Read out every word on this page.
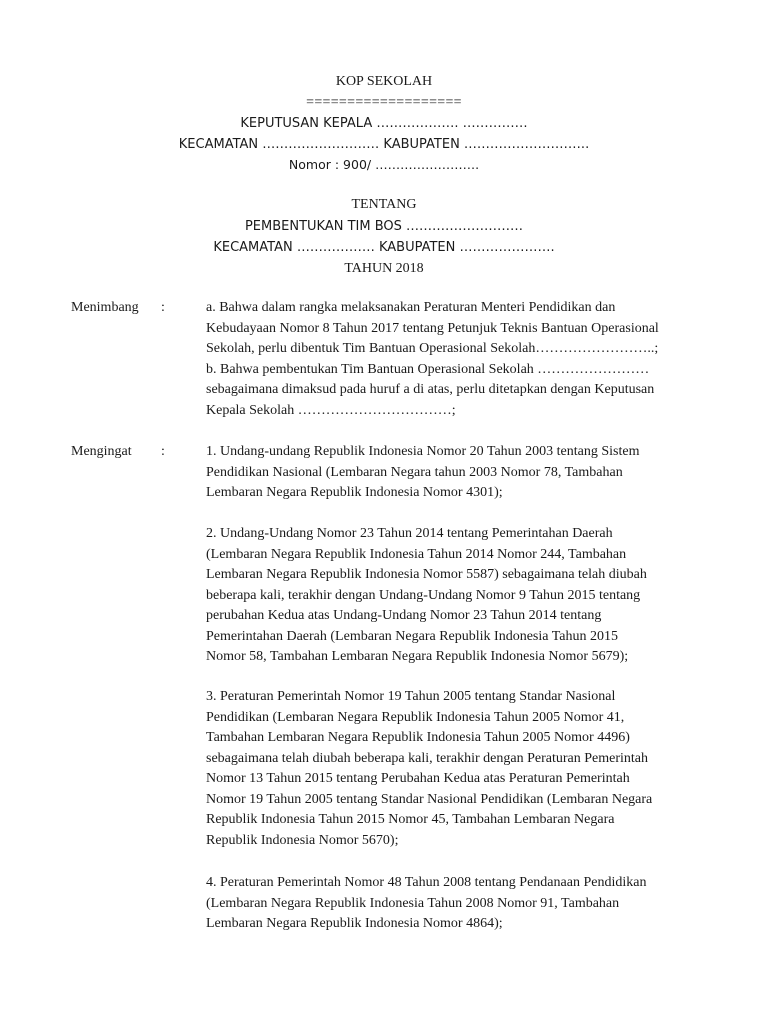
KOP SEKOLAH
===================
KEPUTUSAN KEPALA ………………. ……………
KECAMATAN ……………………… KABUPATEN ………………………..
Nomor : 900/ …………………….
TENTANG
PEMBENTUKAN TIM BOS ………………………
KECAMATAN ……………… KABUPATEN ………………….
TAHUN 2018
Menimbang :	a. Bahwa dalam rangka melaksanakan Peraturan Menteri Pendidikan dan
Kebudayaan Nomor 8 Tahun 2017 tentang Petunjuk Teknis Bantuan Operasional
Sekolah, perlu dibentuk Tim Bantuan Operasional Sekolah……………………..;
b. Bahwa pembentukan Tim Bantuan Operasional Sekolah ……………………
sebagaimana dimaksud pada huruf a di atas, perlu ditetapkan dengan Keputusan
Kepala Sekolah ……………………………;
Mengingat :	1. Undang-undang Republik Indonesia Nomor 20 Tahun 2003 tentang Sistem
Pendidikan Nasional (Lembaran Negara tahun 2003 Nomor 78, Tambahan
Lembaran Negara Republik Indonesia Nomor 4301);
2. Undang-Undang Nomor 23 Tahun 2014 tentang Pemerintahan Daerah
(Lembaran Negara Republik Indonesia Tahun 2014 Nomor 244, Tambahan
Lembaran Negara Republik Indonesia Nomor 5587) sebagaimana telah diubah
beberapa kali, terakhir dengan Undang-Undang Nomor 9 Tahun 2015 tentang
perubahan Kedua atas Undang-Undang Nomor 23 Tahun 2014 tentang
Pemerintahan Daerah (Lembaran Negara Republik Indonesia Tahun 2015
Nomor 58, Tambahan Lembaran Negara Republik Indonesia Nomor 5679);
3. Peraturan Pemerintah Nomor 19 Tahun 2005 tentang Standar Nasional
Pendidikan (Lembaran Negara Republik Indonesia Tahun 2005 Nomor 41,
Tambahan Lembaran Negara Republik Indonesia Tahun 2005 Nomor 4496)
sebagaimana telah diubah beberapa kali, terakhir dengan Peraturan Pemerintah
Nomor 13 Tahun 2015 tentang Perubahan Kedua atas Peraturan Pemerintah
Nomor 19 Tahun 2005 tentang Standar Nasional Pendidikan (Lembaran Negara
Republik Indonesia Tahun 2015 Nomor 45, Tambahan Lembaran Negara
Republik Indonesia Nomor 5670);
4. Peraturan Pemerintah Nomor 48 Tahun 2008 tentang Pendanaan Pendidikan
(Lembaran Negara Republik Indonesia Tahun 2008 Nomor 91, Tambahan
Lembaran Negara Republik Indonesia Nomor 4864);
